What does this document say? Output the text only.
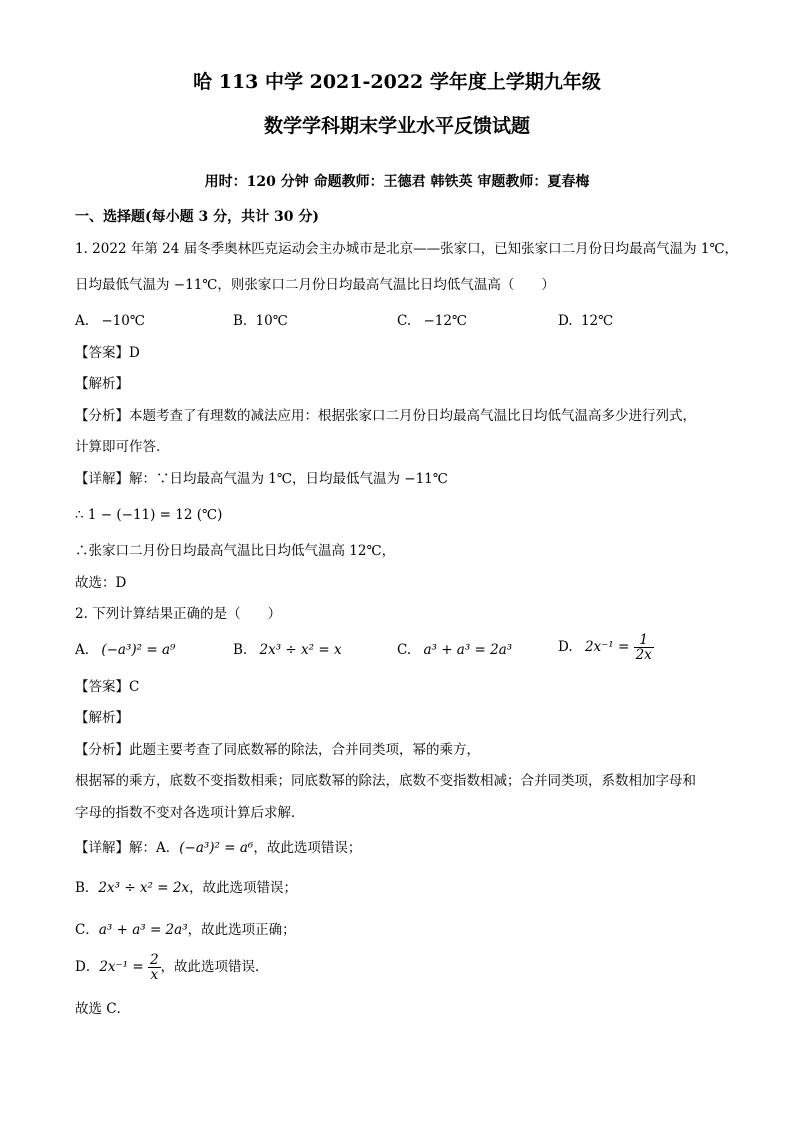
哈 113 中学 2021-2022 学年度上学期九年级
数学学科期末学业水平反馈试题
用时：120 分钟 命题教师：王德君 韩铁英 审题教师：夏春梅
一、选择题(每小题 3 分，共计 30 分)
1. 2022 年第 24 届冬季奥林匹克运动会主办城市是北京——张家口，已知张家口二月份日均最高气温为 1℃，
日均最低气温为 −11℃，则张家口二月份日均最高气温比日均低气温高（　　）
A. −10℃	B. 10℃	C. −12℃	D. 12℃
【答案】D
【解析】
【分析】本题考查了有理数的减法应用：根据张家口二月份日均最高气温比日均低气温高多少进行列式，
计算即可作答．
【详解】解：∵日均最高气温为 1℃，日均最低气温为 −11℃
∴ 1 − (−11) = 12 (℃)
∴张家口二月份日均最高气温比日均低气温高 12℃，
故选：D
2. 下列计算结果正确的是（　　）
A. (−a³)² = a⁹	B. 2x³ ÷ x² = x	C. a³ + a³ = 2a³	D. $2x^{-1} = \frac{1}{2x}$
【答案】C
【解析】
【分析】此题主要考查了同底数幂的除法，合并同类项，幂的乘方，
根据幂的乘方，底数不变指数相乘；同底数幂的除法，底数不变指数相减；合并同类项，系数相加字母和
字母的指数不变对各选项计算后求解．
【详解】解：A．(−a³)² = a⁶，故此选项错误；
B．2x³ ÷ x² = 2x，故此选项错误；
C．a³ + a³ = 2a³，故此选项正确；
D．$2x^{-1} = \frac{2}{x}$ ，故此选项错误．
故选 C．
